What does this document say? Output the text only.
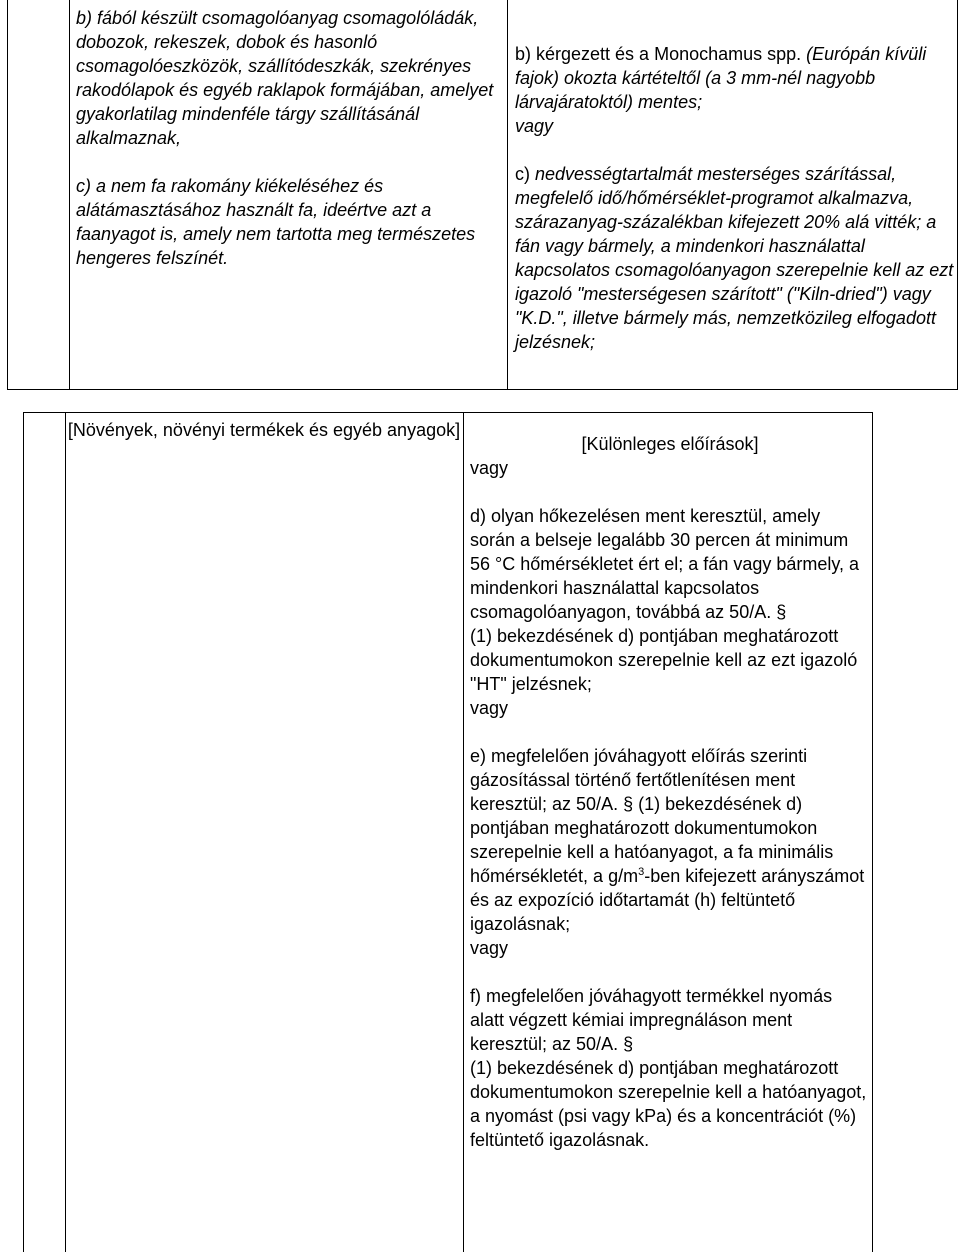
b) fából készült csomagolóanyag csomagolóládák, dobozok, rekeszek, dobok és hasonló csomagolóeszközök, szállítódeszkák, szekrényes rakodólapok és egyéb raklapok formájában, amelyet gyakorlatilag mindenféle tárgy szállításánál alkalmaznak,

c) a nem fa rakomány kiékeléséhez és alátámasztásához használt fa, ideértve azt a faanyagot is, amely nem tartotta meg természetes hengeres felszínét.

b) kérgezett és a Monochamus spp. (Európán kívüli fajok) okozta kártételtől (a 3 mm-nél nagyobb lárvajáratoktól) mentes;

vagy

c) nedvességtartalmát mesterséges szárítással, megfelelő idő/hőmérséklet-programot alkalmazva, szárazanyag-százalékban kifejezett 20% alá vitték; a fán vagy bármely, a mindenkori használattal kapcsolatos csomagolóanyagon szerepelnie kell az ezt igazoló "mesterségesen szárított" ("Kiln-dried") vagy "K.D.", illetve bármely más, nemzetközileg elfogadott jelzésnek;

[Növények, növényi termékek és egyéb anyagok]

[Különleges előírások]

vagy

d) olyan hőkezelésen ment keresztül, amely során a belseje legalább 30 percen át minimum 56 °C hőmérsékletet ért el; a fán vagy bármely, a mindenkori használattal kapcsolatos csomagolóanyagon, továbbá az 50/A. §

(1) bekezdésének d) pontjában meghatározott dokumentumokon szerepelnie kell az ezt igazoló "HT" jelzésnek;

vagy

e) megfelelően jóváhagyott előírás szerinti gázosítással történő fertőtlenítésen ment keresztül; az 50/A. § (1) bekezdésének d) pontjában meghatározott dokumentumokon szerepelnie kell a hatóanyagot, a fa minimális hőmérsékletét, a $g/m^3$-ben kifejezett arányszámot és az expozíció időtartamát (h) feltüntető igazolásnak;

vagy

f) megfelelően jóváhagyott termékkel nyomás alatt végzett kémiai impregnáláson ment keresztül; az 50/A. §

(1) bekezdésének d) pontjában meghatározott dokumentumokon szerepelnie kell a hatóanyagot, a nyomást (psi vagy kPa) és a koncentrációt (%) feltüntető igazolásnak.
